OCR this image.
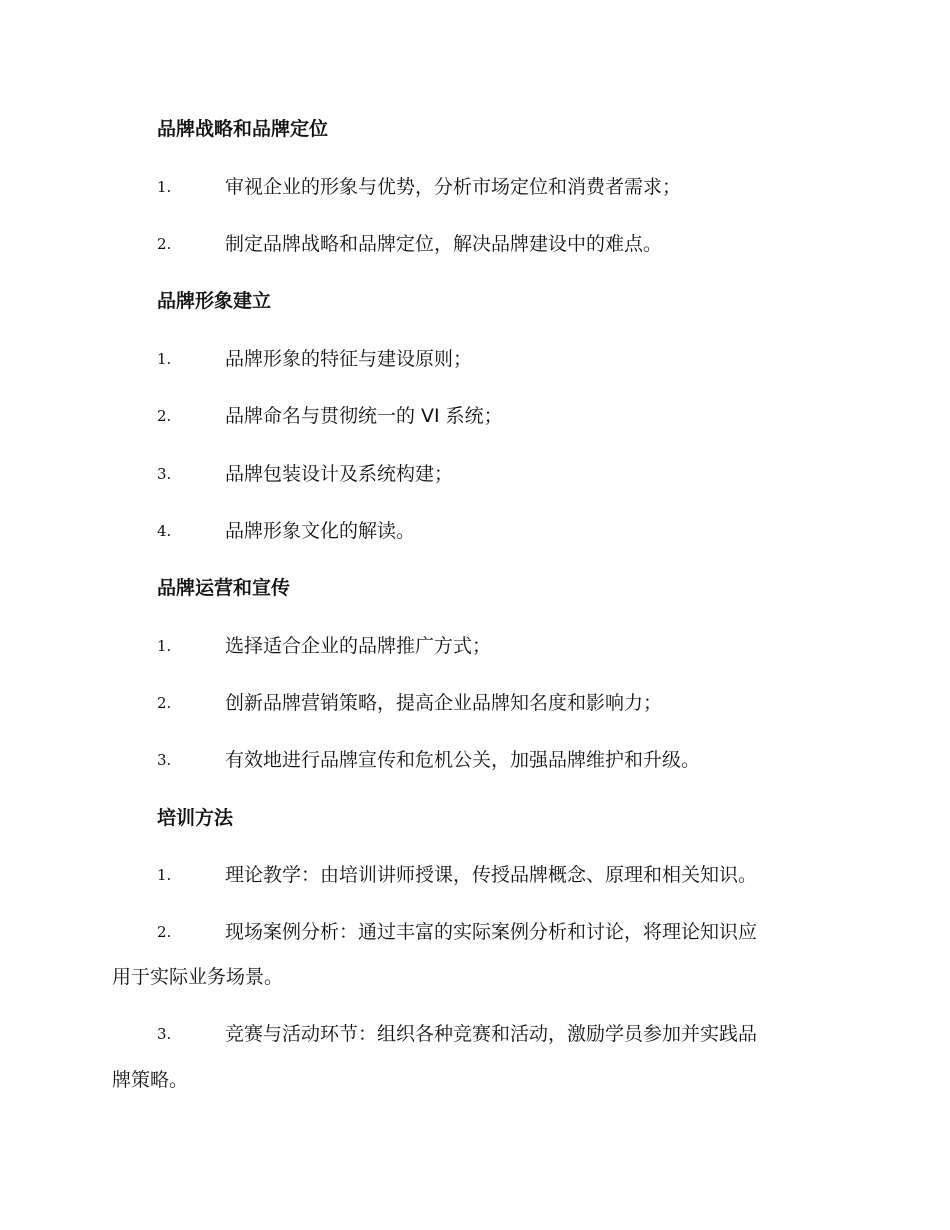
品牌战略和品牌定位
1.	审视企业的形象与优势，分析市场定位和消费者需求；
2.	制定品牌战略和品牌定位，解决品牌建设中的难点。
品牌形象建立
1.	品牌形象的特征与建设原则；
2.	品牌命名与贯彻统一的 VI 系统；
3.	品牌包装设计及系统构建；
4.	品牌形象文化的解读。
品牌运营和宣传
1.	选择适合企业的品牌推广方式；
2.	创新品牌营销策略，提高企业品牌知名度和影响力；
3.	有效地进行品牌宣传和危机公关，加强品牌维护和升级。
培训方法
1.	理论教学：由培训讲师授课，传授品牌概念、原理和相关知识。
2.	现场案例分析：通过丰富的实际案例分析和讨论，将理论知识应
用于实际业务场景。
3.	竞赛与活动环节：组织各种竞赛和活动，激励学员参加并实践品
牌策略。
